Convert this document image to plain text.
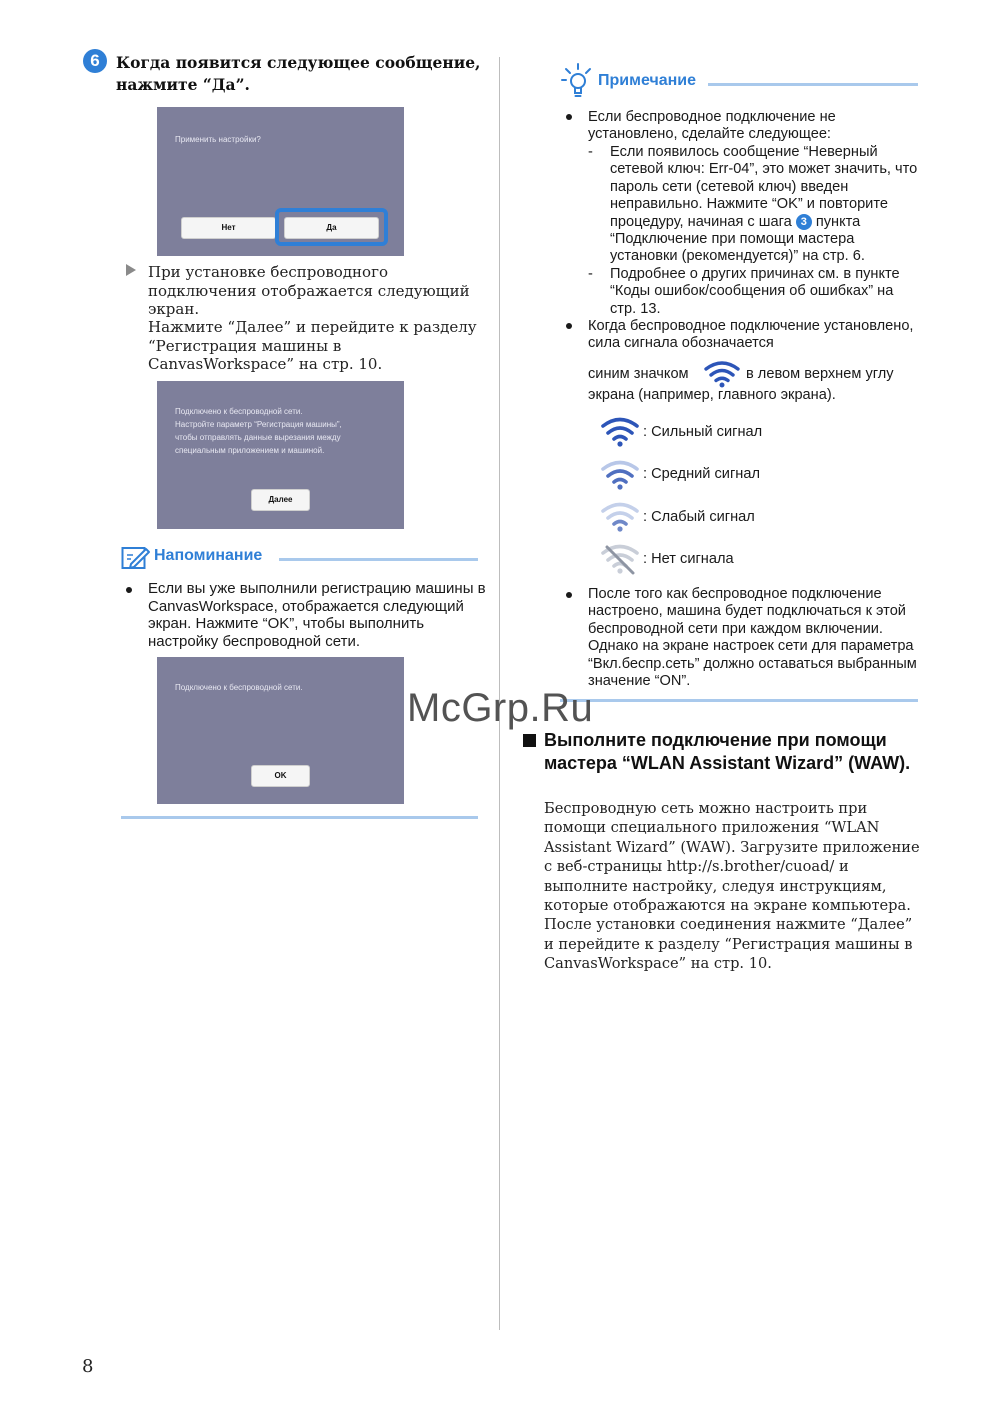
6	Когда появится следующее сообщение, нажмите “Да”.
Применить настройки?
Нет	Да
При установке беспроводного подключения отображается следующий экран.
Нажмите “Далее” и перейдите к разделу “Регистрация машины в CanvasWorkspace” на стр. 10.
Подключено к беспроводной сети.
Настройте параметр “Регистрация машины”,
чтобы отправлять данные вырезания между
специальным приложением и машиной.
Далее
Напоминание
Если вы уже выполнили регистрацию машины в CanvasWorkspace, отображается следующий экран. Нажмите “OK”, чтобы выполнить настройку беспроводной сети.
Подключено к беспроводной сети.
OK
Примечание
Если беспроводное подключение не установлено, сделайте следующее:
- Если появилось сообщение “Неверный сетевой ключ: Err-04”, это может значить, что пароль сети (сетевой ключ) введен неправильно. Нажмите “OK” и повторите процедуру, начиная с шага 3 пункта “Подключение при помощи мастера установки (рекомендуется)” на стр. 6.
- Подробнее о других причинах см. в пункте “Коды ошибок/сообщения об ошибках” на стр. 13.
Когда беспроводное подключение установлено, сила сигнала обозначается
синим значком	в левом верхнем углу
экрана (например, главного экрана).
: Сильный сигнал
: Средний сигнал
: Слабый сигнал
: Нет сигнала
После того как беспроводное подключение настроено, машина будет подключаться к этой беспроводной сети при каждом включении. Однако на экране настроек сети для параметра “Вкл.беспр.сеть” должно оставаться выбранным значение “ON”.
McGrp.Ru
Выполните подключение при помощи мастера “WLAN Assistant Wizard” (WAW).
Беспроводную сеть можно настроить при помощи специального приложения “WLAN Assistant Wizard” (WAW). Загрузите приложение с веб-страницы http://s.brother/cuoad/ и выполните настройку, следуя инструкциям, которые отображаются на экране компьютера. После установки соединения нажмите “Далее” и перейдите к разделу “Регистрация машины в CanvasWorkspace” на стр. 10.
8
